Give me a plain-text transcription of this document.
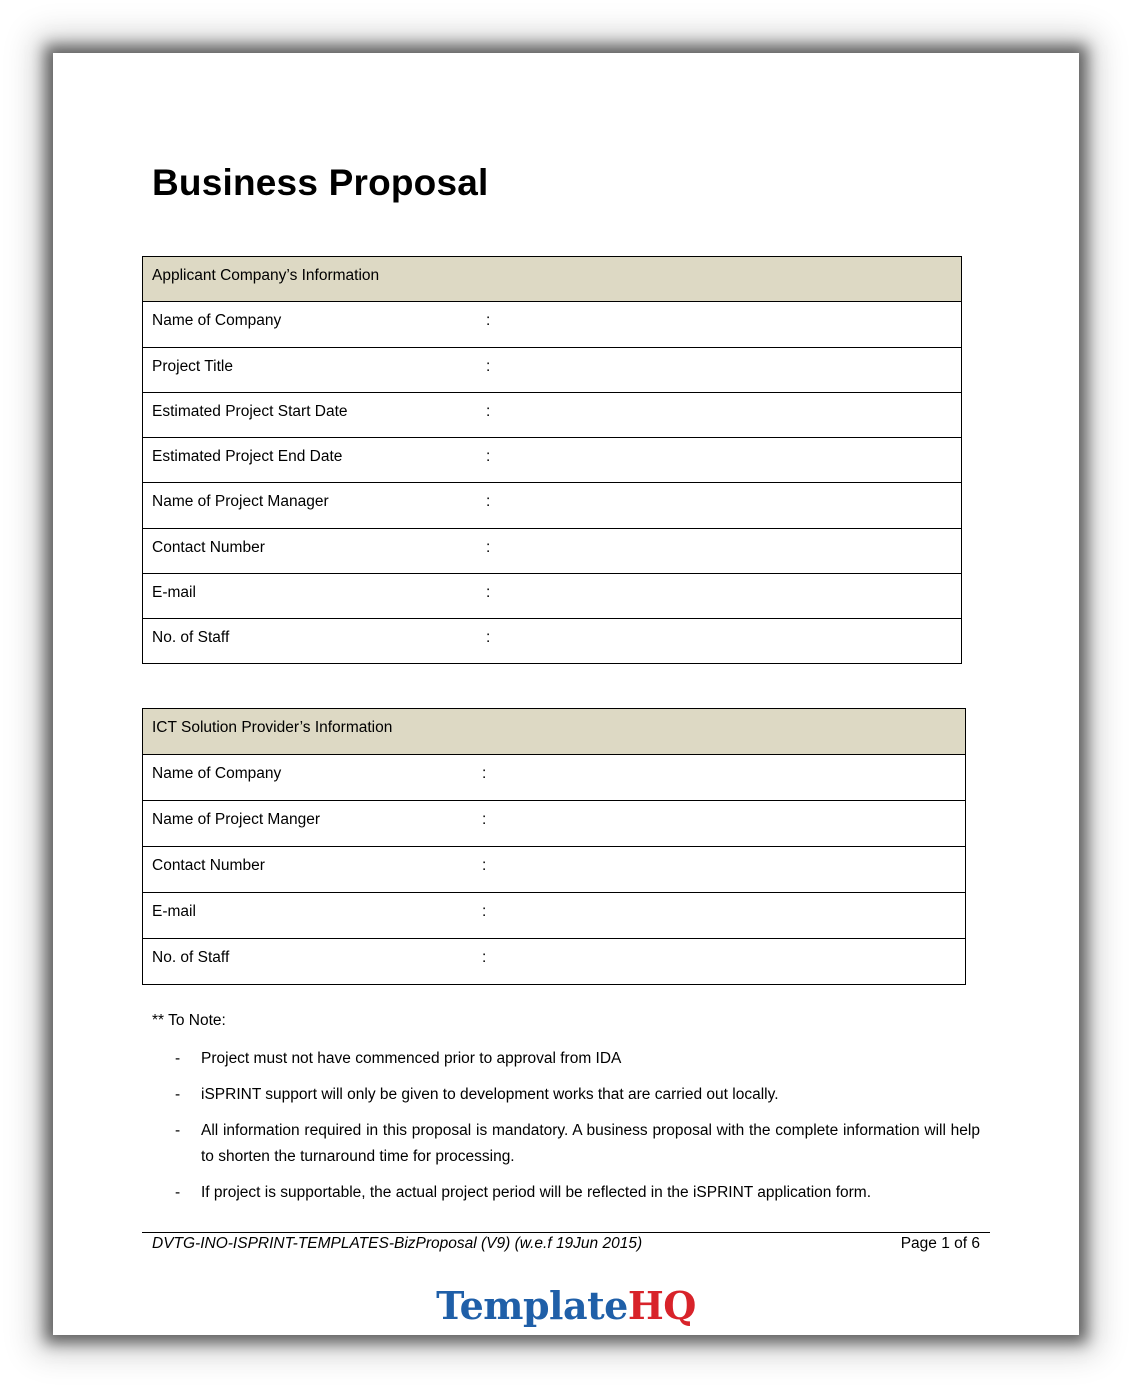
Business Proposal
Applicant Company’s Information

Name of Company	:

Project Title	:

Estimated Project Start Date	:

Estimated Project End Date	:

Name of Project Manager	:

Contact Number	:

E-mail	:

No. of Staff	:
ICT Solution Provider’s Information

Name of Company	:

Name of Project Manger	:

Contact Number	:

E-mail	:

No. of Staff	:
** To Note:
- Project must not have commenced prior to approval from IDA
- iSPRINT support will only be given to development works that are carried out locally.
- All information required in this proposal is mandatory. A business proposal with the complete information will help to shorten the turnaround time for processing.
- If project is supportable, the actual project period will be reflected in the iSPRINT application form.
DVTG-INO-ISPRINT-TEMPLATES-BizProposal (V9) (w.e.f 19Jun 2015)	Page 1 of 6
TemplateHQ
